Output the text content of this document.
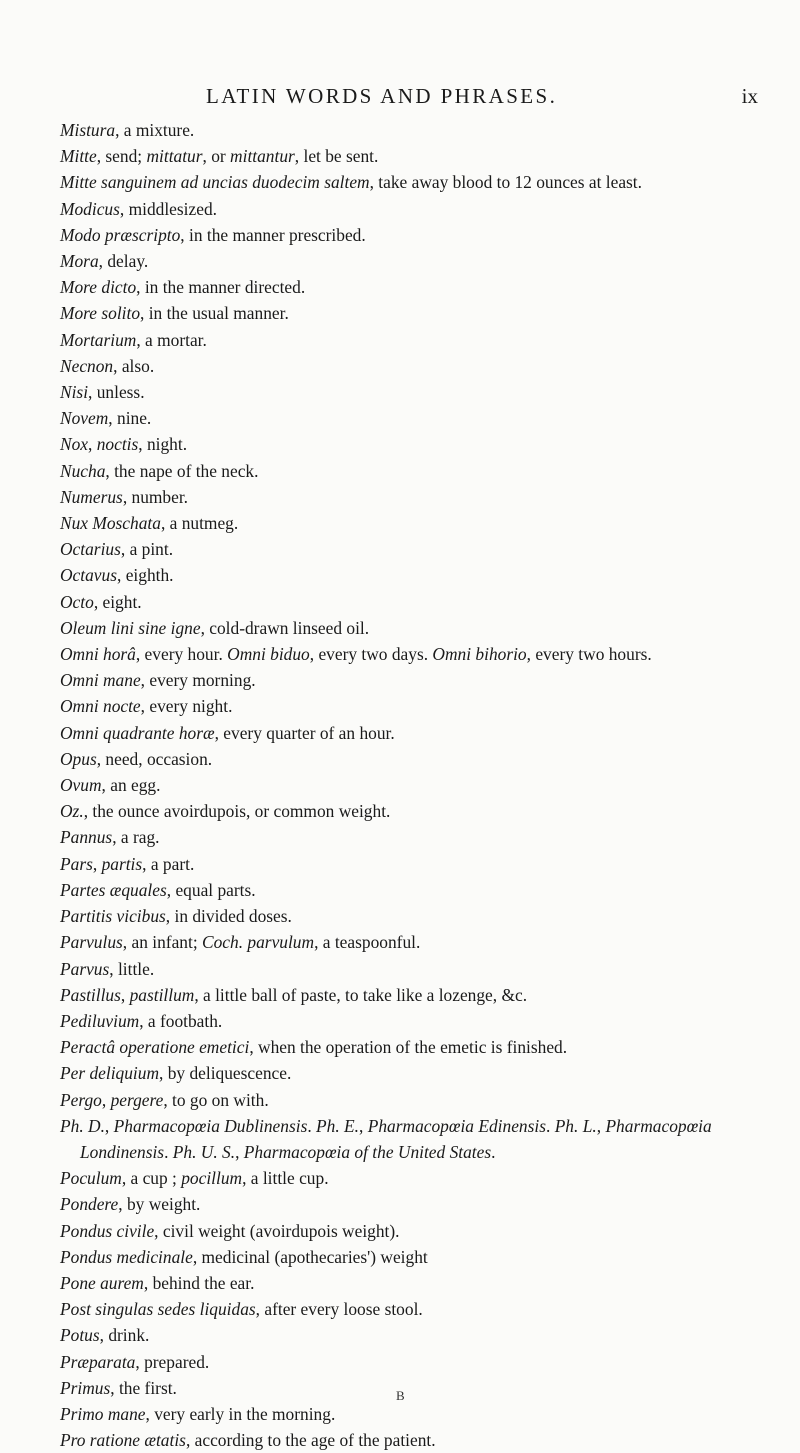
LATIN WORDS AND PHRASES.	ix

Mistura, a mixture.

Mitte, send; mittatur, or mittantur, let be sent.

Mitte sanguinem ad uncias duodecim saltem, take away blood to 12 ounces at least.

Modicus, middlesized.

Modo præscripto, in the manner prescribed.

Mora, delay.

More dicto, in the manner directed.

More solito, in the usual manner.

Mortarium, a mortar.

Necnon, also.

Nisi, unless.

Novem, nine.

Nox, noctis, night.

Nucha, the nape of the neck.

Numerus, number.

Nux Moschata, a nutmeg.

Octarius, a pint.

Octavus, eighth.

Octo, eight.

Oleum lini sine igne, cold-drawn linseed oil.

Omni horâ, every hour. Omni biduo, every two days. Omni bihorio, every two hours.

Omni mane, every morning.

Omni nocte, every night.

Omni quadrante horæ, every quarter of an hour.

Opus, need, occasion.

Ovum, an egg.

Oz., the ounce avoirdupois, or common weight.

Pannus, a rag.

Pars, partis, a part.

Partes æquales, equal parts.

Partitis vicibus, in divided doses.

Parvulus, an infant; Coch. parvulum, a teaspoonful.

Parvus, little.

Pastillus, pastillum, a little ball of paste, to take like a lozenge, &c.

Pediluvium, a footbath.

Peractâ operatione emetici, when the operation of the emetic is finished.

Per deliquium, by deliquescence.

Pergo, pergere, to go on with.

Ph. D., Pharmacopœia Dublinensis. Ph. E., Pharmacopœia Edinensis. Ph. L., Pharmacopœia Londinensis. Ph. U. S., Pharmacopœia of the United States.

Poculum, a cup ; pocillum, a little cup.

Pondere, by weight.

Pondus civile, civil weight (avoirdupois weight).

Pondus medicinale, medicinal (apothecaries') weight

Pone aurem, behind the ear.

Post singulas sedes liquidas, after every loose stool.

Potus, drink.

Præparata, prepared.

Primus, the first.

Primo mane, very early in the morning.

Pro ratione ætatis, according to the age of the patient.

B
